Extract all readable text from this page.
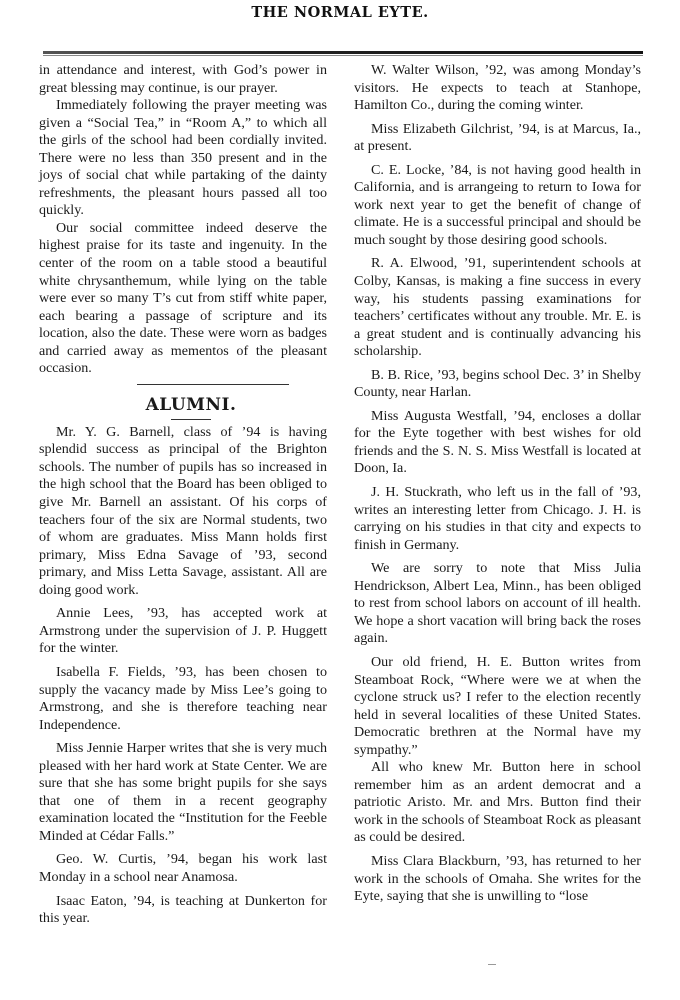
THE NORMAL EYTE.

in attendance and interest, with God’s power in great blessing may continue, is our prayer.

Immediately following the prayer meeting was given a “Social Tea,” in “Room A,” to which all the girls of the school had been cordially invited. There were no less than 350 present and in the joys of social chat while partaking of the dainty refreshments, the pleasant hours passed all too quickly.

Our social committee indeed deserve the highest praise for its taste and ingenuity. In the center of the room on a table stood a beautiful white chrysanthemum, while lying on the table were ever so many T’s cut from stiff white paper, each bearing a passage of scripture and its location, also the date. These were worn as badges and carried away as mementos of the pleasant occasion.

ALUMNI.

Mr. Y. G. Barnell, class of ’94 is having splendid success as principal of the Brighton schools. The number of pupils has so increased in the high school that the Board has been obliged to give Mr. Barnell an assistant. Of his corps of teachers four of the six are Normal students, two of whom are graduates. Miss Mann holds first primary, Miss Edna Savage of ’93, second primary, and Miss Letta Savage, assistant. All are doing good work.

Annie Lees, ’93, has accepted work at Armstrong under the supervision of J. P. Huggett for the winter.

Isabella F. Fields, ’93, has been chosen to supply the vacancy made by Miss Lee’s going to Armstrong, and she is therefore teaching near Independence.

Miss Jennie Harper writes that she is very much pleased with her hard work at State Center. We are sure that she has some bright pupils for she says that one of them in a recent geography examination located the “Institution for the Feeble Minded at Cédar Falls.”

Geo. W. Curtis, ’94, began his work last Monday in a school near Anamosa.

Isaac Eaton, ’94, is teaching at Dunkerton for this year.

W. Walter Wilson, ’92, was among Monday’s visitors. He expects to teach at Stanhope, Hamilton Co., during the coming winter.

Miss Elizabeth Gilchrist, ’94, is at Marcus, Ia., at present.

C. E. Locke, ’84, is not having good health in California, and is arrangeing to return to Iowa for work next year to get the benefit of change of climate. He is a successful principal and should be much sought by those desiring good schools.

R. A. Elwood, ’91, superintendent schools at Colby, Kansas, is making a fine success in every way, his students passing examinations for teachers’ certificates without any trouble. Mr. E. is a great student and is continually advancing his scholarship.

B. B. Rice, ’93, begins school Dec. 3’ in Shelby County, near Harlan.

Miss Augusta Westfall, ’94, encloses a dollar for the Eyte together with best wishes for old friends and the S. N. S. Miss Westfall is located at Doon, Ia.

J. H. Stuckrath, who left us in the fall of ’93, writes an interesting letter from Chicago. J. H. is carrying on his studies in that city and expects to finish in Germany.

We are sorry to note that Miss Julia Hendrickson, Albert Lea, Minn., has been obliged to rest from school labors on account of ill health. We hope a short vacation will bring back the roses again.

Our old friend, H. E. Button writes from Steamboat Rock, “Where were we at when the cyclone struck us? I refer to the election recently held in several localities of these United States. Democratic brethren at the Normal have my sympathy.”

All who knew Mr. Button here in school remember him as an ardent democrat and a patriotic Aristo. Mr. and Mrs. Button find their work in the schools of Steamboat Rock as pleasant as could be desired.

Miss Clara Blackburn, ’93, has returned to her work in the schools of Omaha. She writes for the Eyte, saying that she is unwilling to “lose
